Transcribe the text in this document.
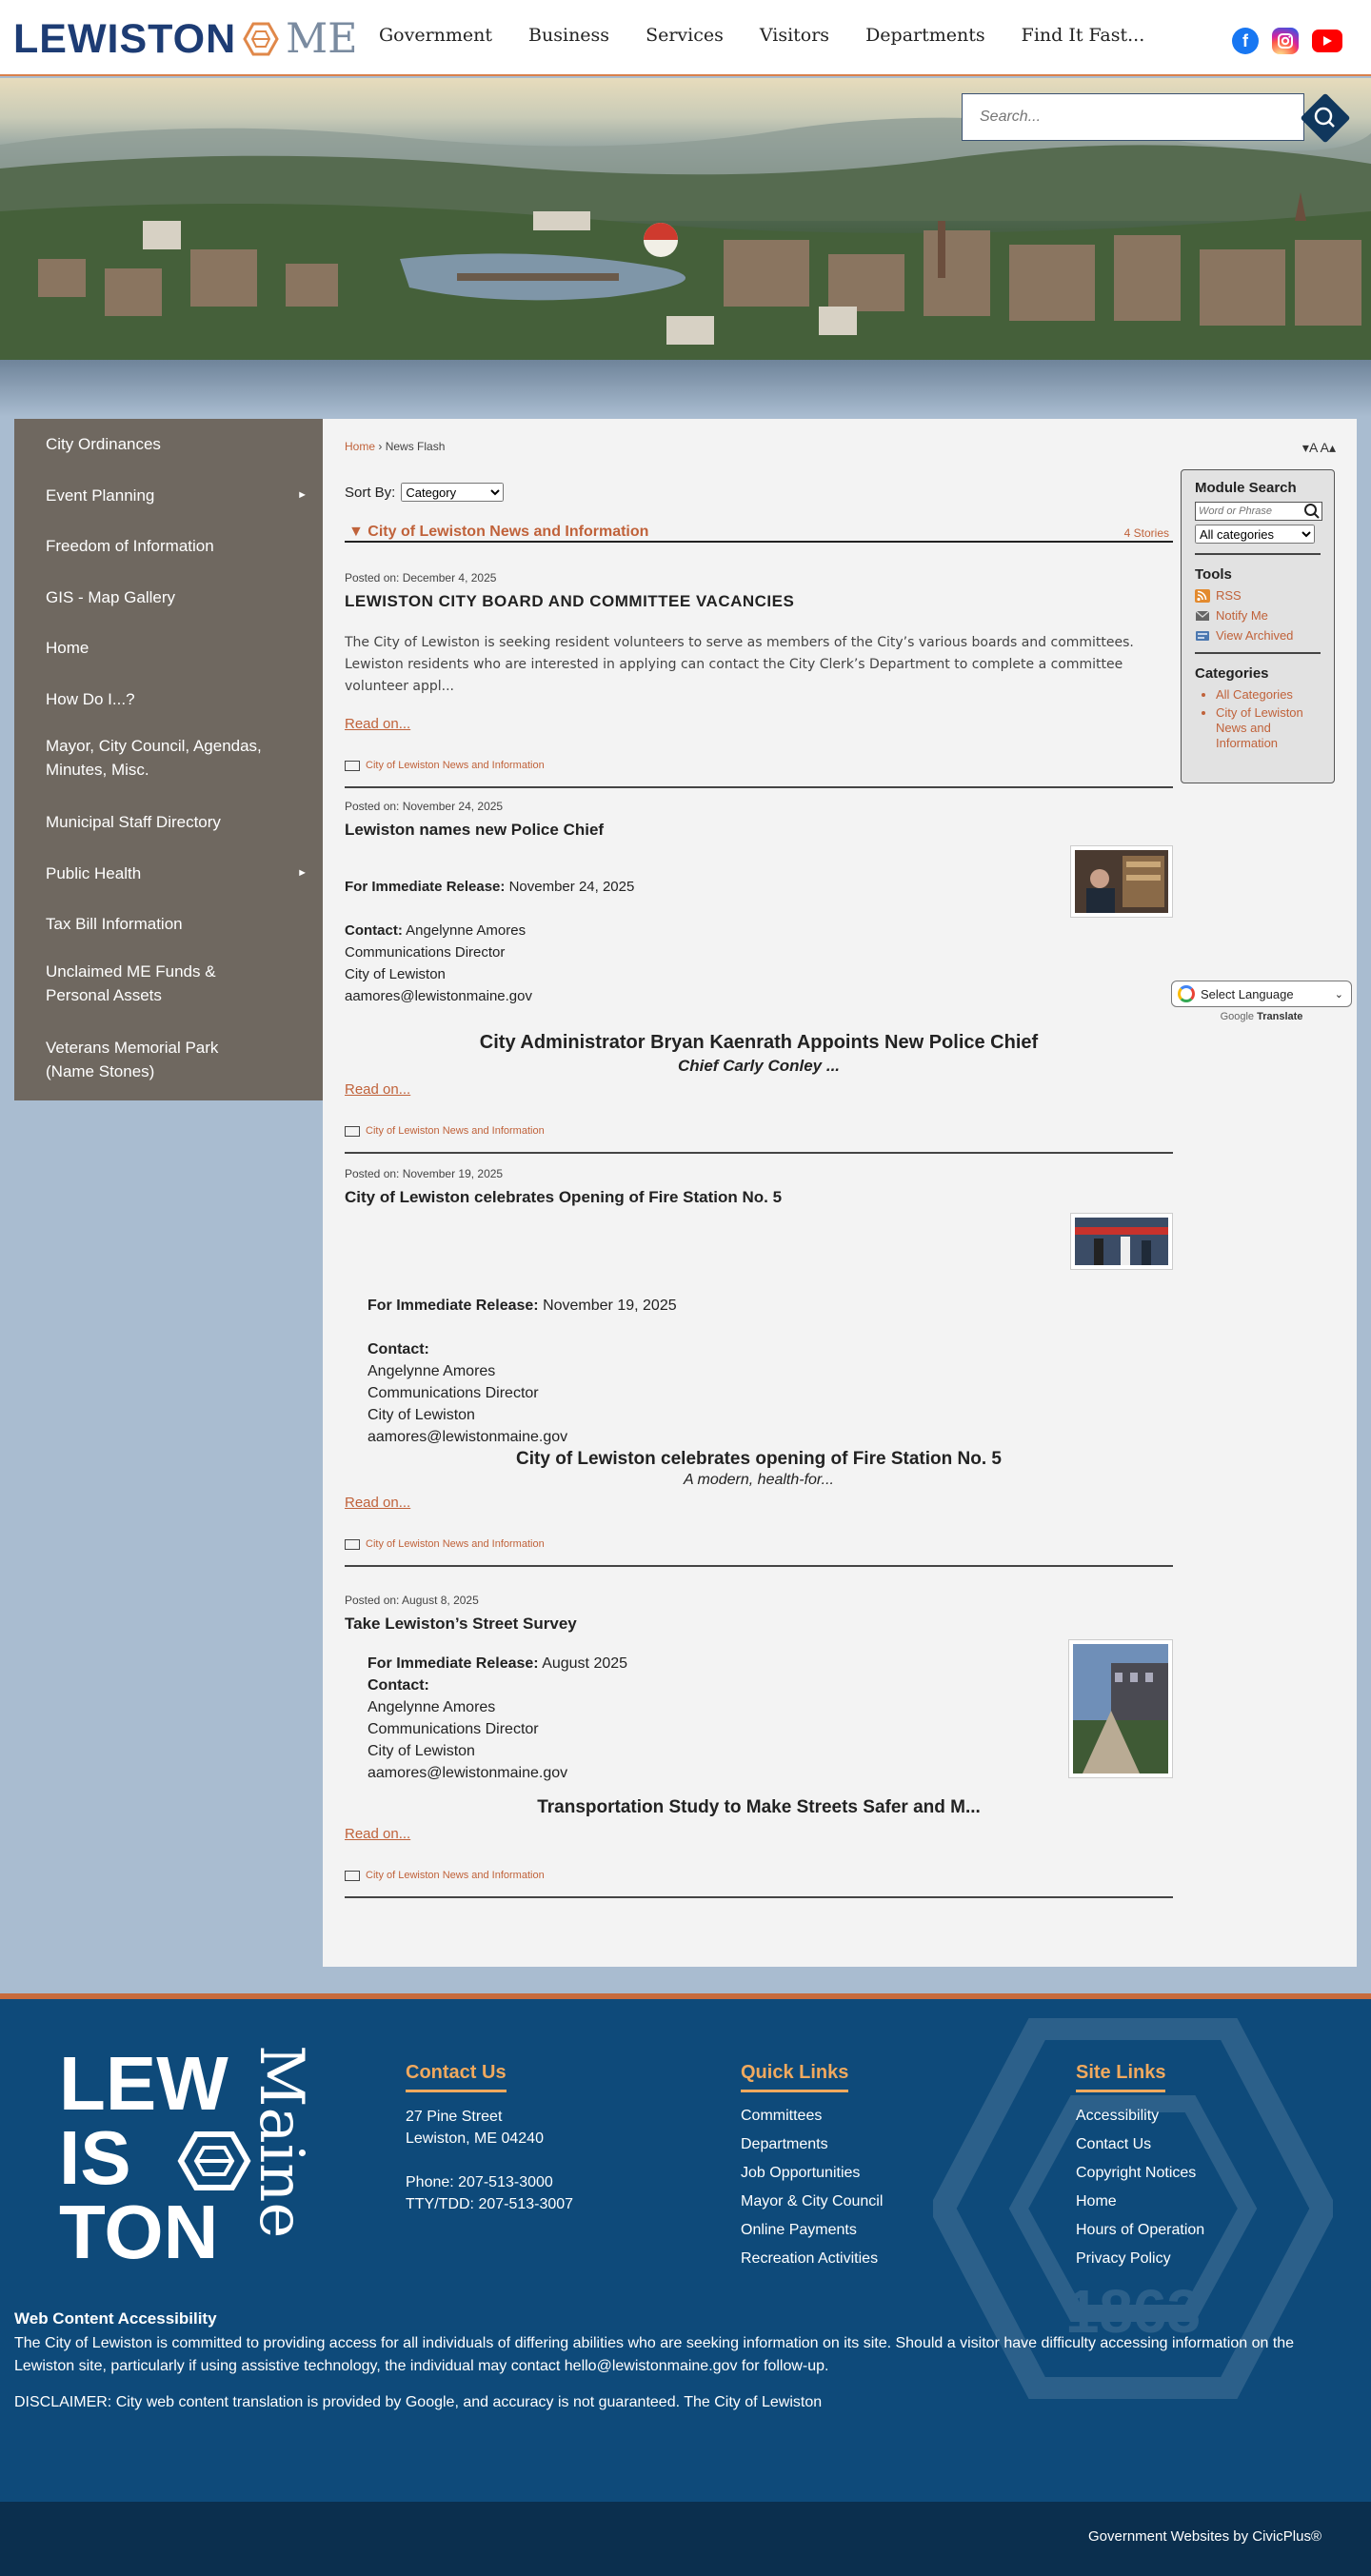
LEWISTON ME Government Business Services Visitors Departments Find It Fast...	f
Search...
City Ordinances
Event Planning	►
Freedom of Information
GIS - Map Gallery
Home
How Do I...?
Mayor, City Council, Agendas, Minutes, Misc.
Municipal Staff Directory
Public Health	►
Tax Bill Information
Unclaimed ME Funds & Personal Assets
Veterans Memorial Park (Name Stones)
Home › News Flash	▾A A▴
Sort By:
Category
▼ City of Lewiston News and Information	4 Stories
Posted on: December 4, 2025
LEWISTON CITY BOARD AND COMMITTEE VACANCIES
The City of Lewiston is seeking resident volunteers to serve as members of the City’s various boards and committees. Lewiston residents who are interested in applying can contact the City Clerk’s Department to complete a committee volunteer appl...
Read on...
City of Lewiston News and Information
Posted on: November 24, 2025
Lewiston names new Police Chief
For Immediate Release: November 24, 2025
Contact: Angelynne Amores
Communications Director
City of Lewiston
aamores@lewistonmaine.gov
City Administrator Bryan Kaenrath Appoints New Police Chief
Chief Carly Conley ...
Read on...
City of Lewiston News and Information
Posted on: November 19, 2025
City of Lewiston celebrates Opening of Fire Station No. 5
For Immediate Release: November 19, 2025
Contact:
Angelynne Amores
Communications Director
City of Lewiston
aamores@lewistonmaine.gov
City of Lewiston celebrates opening of Fire Station No. 5
A modern, health-for...
Read on...
City of Lewiston News and Information
Posted on: August 8, 2025
Take Lewiston’s Street Survey
For Immediate Release: August 2025
Contact:
Angelynne Amores
Communications Director
City of Lewiston
aamores@lewistonmaine.gov
Transportation Study to Make Streets Safer and M...
Read on...
City of Lewiston News and Information
Module Search
Word or Phrase
All categories
Tools
RSS
Notify Me
View Archived
Categories
• All Categories
• City of Lewiston News and Information
Select Language	⌄
Google Translate
1863
LEW
IS
TON Maine	Contact Us
27 Pine Street
Lewiston, ME 04240
Phone: 207-513-3000
TTY/TDD: 207-513-3007
Quick Links
Committees
Departments
Job Opportunities
Mayor & City Council
Online Payments
Recreation Activities
Site Links
Accessibility
Contact Us
Copyright Notices
Home
Hours of Operation
Privacy Policy
Web Content Accessibility

The City of Lewiston is committed to providing access for all individuals of differing abilities who are seeking information on its site. Should a visitor have difficulty accessing information on the Lewiston site, particularly if using assistive technology, the individual may contact hello@lewistonmaine.gov for follow-up.

DISCLAIMER: City web content translation is provided by Google, and accuracy is not guaranteed. The City of Lewiston

Government Websites by CivicPlus®
